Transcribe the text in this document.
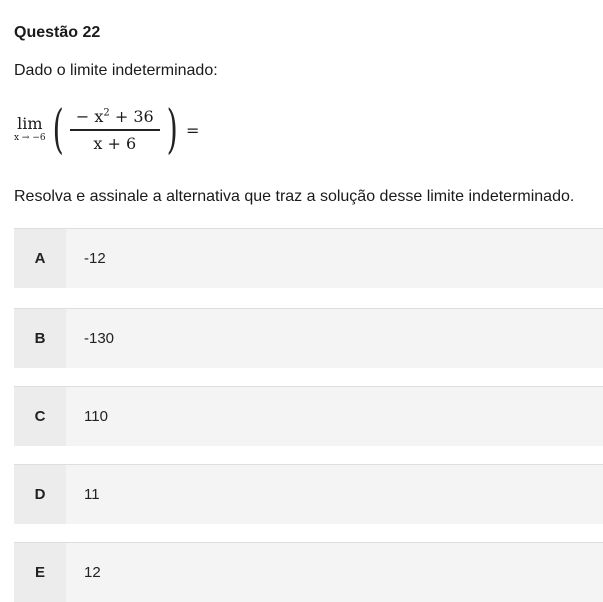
Questão 22
Dado o limite indeterminado:
lim
x → −6 ( $\frac{- x^2 + 36}{x + 6}$ ) =
Resolva e assinale a alternativa que traz a solução desse limite indeterminado.
A	-12
B	-130
C	110
D	11
E	12
